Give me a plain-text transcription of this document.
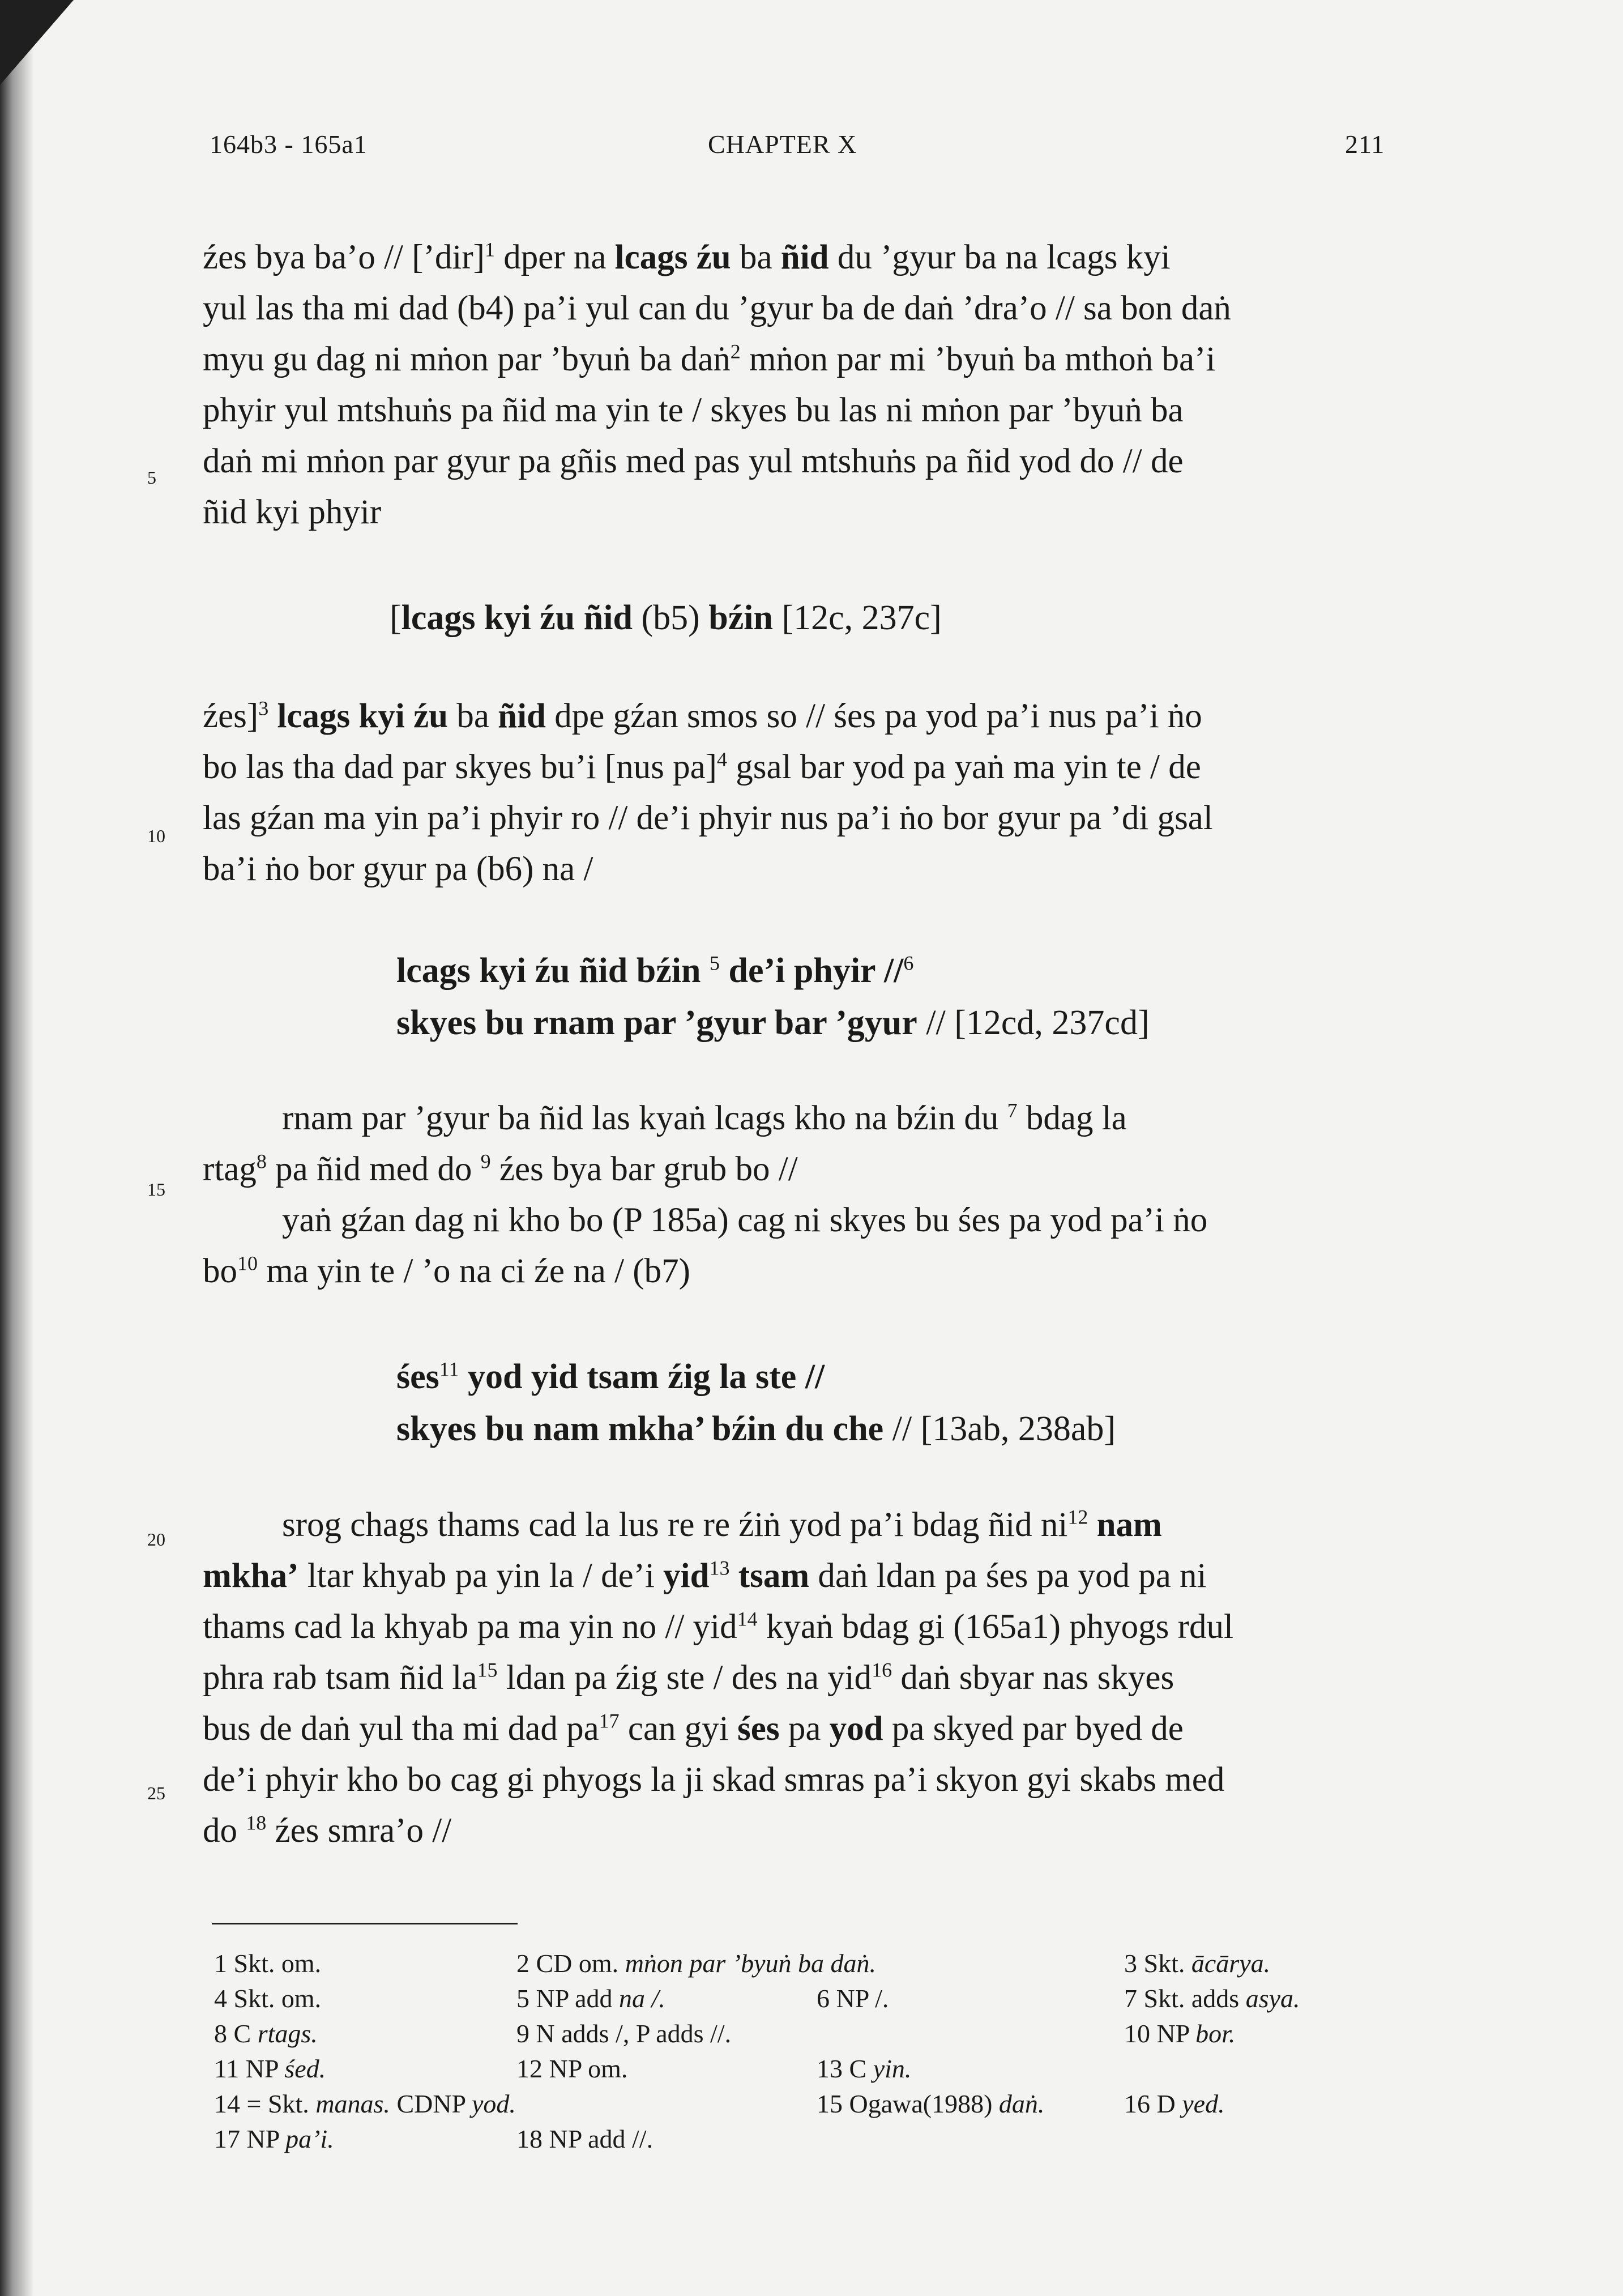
164b3 - 165a1	CHAPTER X	211
źes bya ba’o // [’dir]$^1$ dper na lcags źu ba ñid du ’gyur ba na lcags kyi
yul las tha mi dad (b4) pa’i yul can du ’gyur ba de daṅ ’dra’o // sa bon daṅ
myu gu dag ni mṅon par ’byuṅ ba daṅ$^2$ mṅon par mi ’byuṅ ba mthoṅ ba’i
phyir yul mtshuṅs pa ñid ma yin te / skyes bu las ni mṅon par ’byuṅ ba
daṅ mi mṅon par gyur pa gñis med pas yul mtshuṅs pa ñid yod do // de
ñid kyi phyir
[lcags kyi źu ñid (b5) bźin [12c, 237c]
źes]$^3$ lcags kyi źu ba ñid dpe gźan smos so // śes pa yod pa’i nus pa’i ṅo
bo las tha dad par skyes bu’i [nus pa]$^4$ gsal bar yod pa yaṅ ma yin te / de
las gźan ma yin pa’i phyir ro // de’i phyir nus pa’i ṅo bor gyur pa ’di gsal
ba’i ṅo bor gyur pa (b6) na /
lcags kyi źu ñid bźin $^5$ de’i phyir //$^6$
skyes bu rnam par ’gyur bar ’gyur // [12cd, 237cd]
rnam par ’gyur ba ñid las kyaṅ lcags kho na bźin du $^7$ bdag la
rtag$^8$ pa ñid med do $^9$ źes bya bar grub bo //
yaṅ gźan dag ni kho bo (P 185a) cag ni skyes bu śes pa yod pa’i ṅo
$bo^{10}$ ma yin te / ’o na ci źe na / (b7)
śes$^{11}$ yod yid tsam źig la ste //
skyes bu nam mkha’ bźin du che // [13ab, 238ab]
srog chags thams cad la lus re re źiṅ yod pa’i bdag ñid $ni^{12}$ nam
mkha’ ltar khyab pa yin la / de’i yid$^{13}$ tsam daṅ ldan pa śes pa yod pa ni
thams cad la khyab pa ma yin no // yid$^{14}$ kyaṅ bdag gi (165a1) phyogs rdul
phra rab tsam ñid $la^{15}$ ldan pa źig ste / des na yid$^{16}$ daṅ sbyar nas skyes
bus de daṅ yul tha mi dad $pa^{17}$ can gyi śes pa yod pa skyed par byed de
de’i phyir kho bo cag gi phyogs la ji skad smras pa’i skyon gyi skabs med
do $^{18}$ źes smra’o //
5
10
15
20
25
1 Skt. om.	2 CD om. mṅon par ’byuṅ ba daṅ.	3 Skt. ācārya.
4 Skt. om.	5 NP add na /.	6 NP /.	7 Skt. adds asya.
8 C rtags.	9 N adds /, P adds //.	10 NP bor.
11 NP śed.	12 NP om.	13 C yin.
14 = Skt. manas. CDNP yod.	15 Ogawa(1988) daṅ.	16 D yed.
17 NP pa’i.	18 NP add //.
